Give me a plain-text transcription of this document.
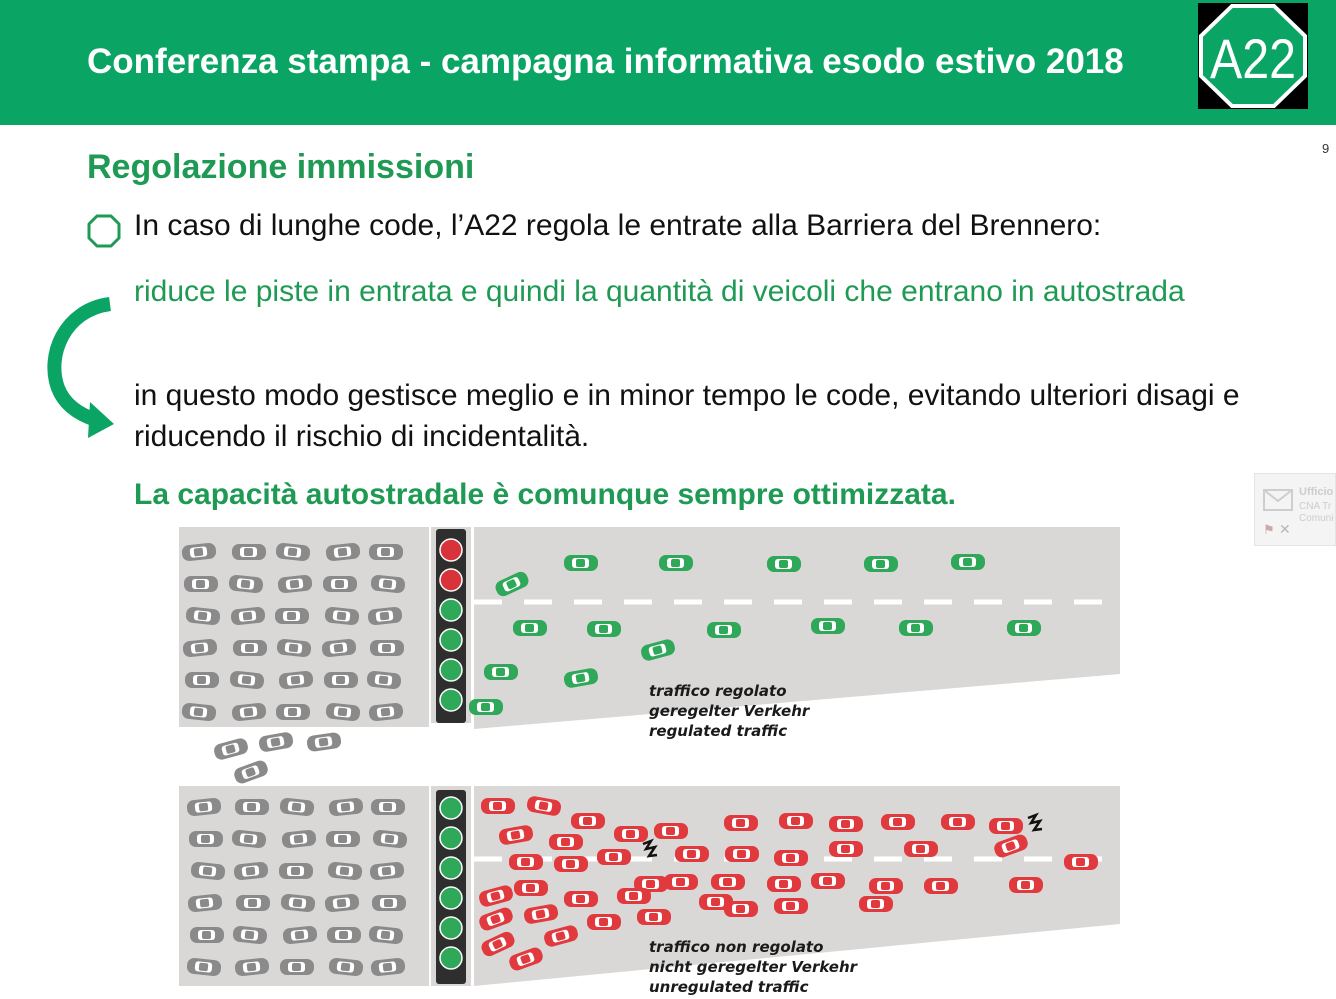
Conferenza stampa - campagna informativa esodo estivo 2018 A22
9
Regolazione immissioni
In caso di lunghe code, l’A22 regola le entrate alla Barriera del Brennero:
riduce le piste in entrata e quindi la quantità di veicoli che entrano in autostrada
in questo modo gestisce meglio e in minor tempo le code, evitando ulteriori disagi e riducendo il rischio di incidentalità.
La capacità autostradale è comunque sempre ottimizzata.
traffico regolato
geregelter Verkehr
regulated traffic
traffico non regolato
nicht geregelter Verkehr
unregulated traffic
Ufficio
CNA Tr
Comuni
⚑ ✕
